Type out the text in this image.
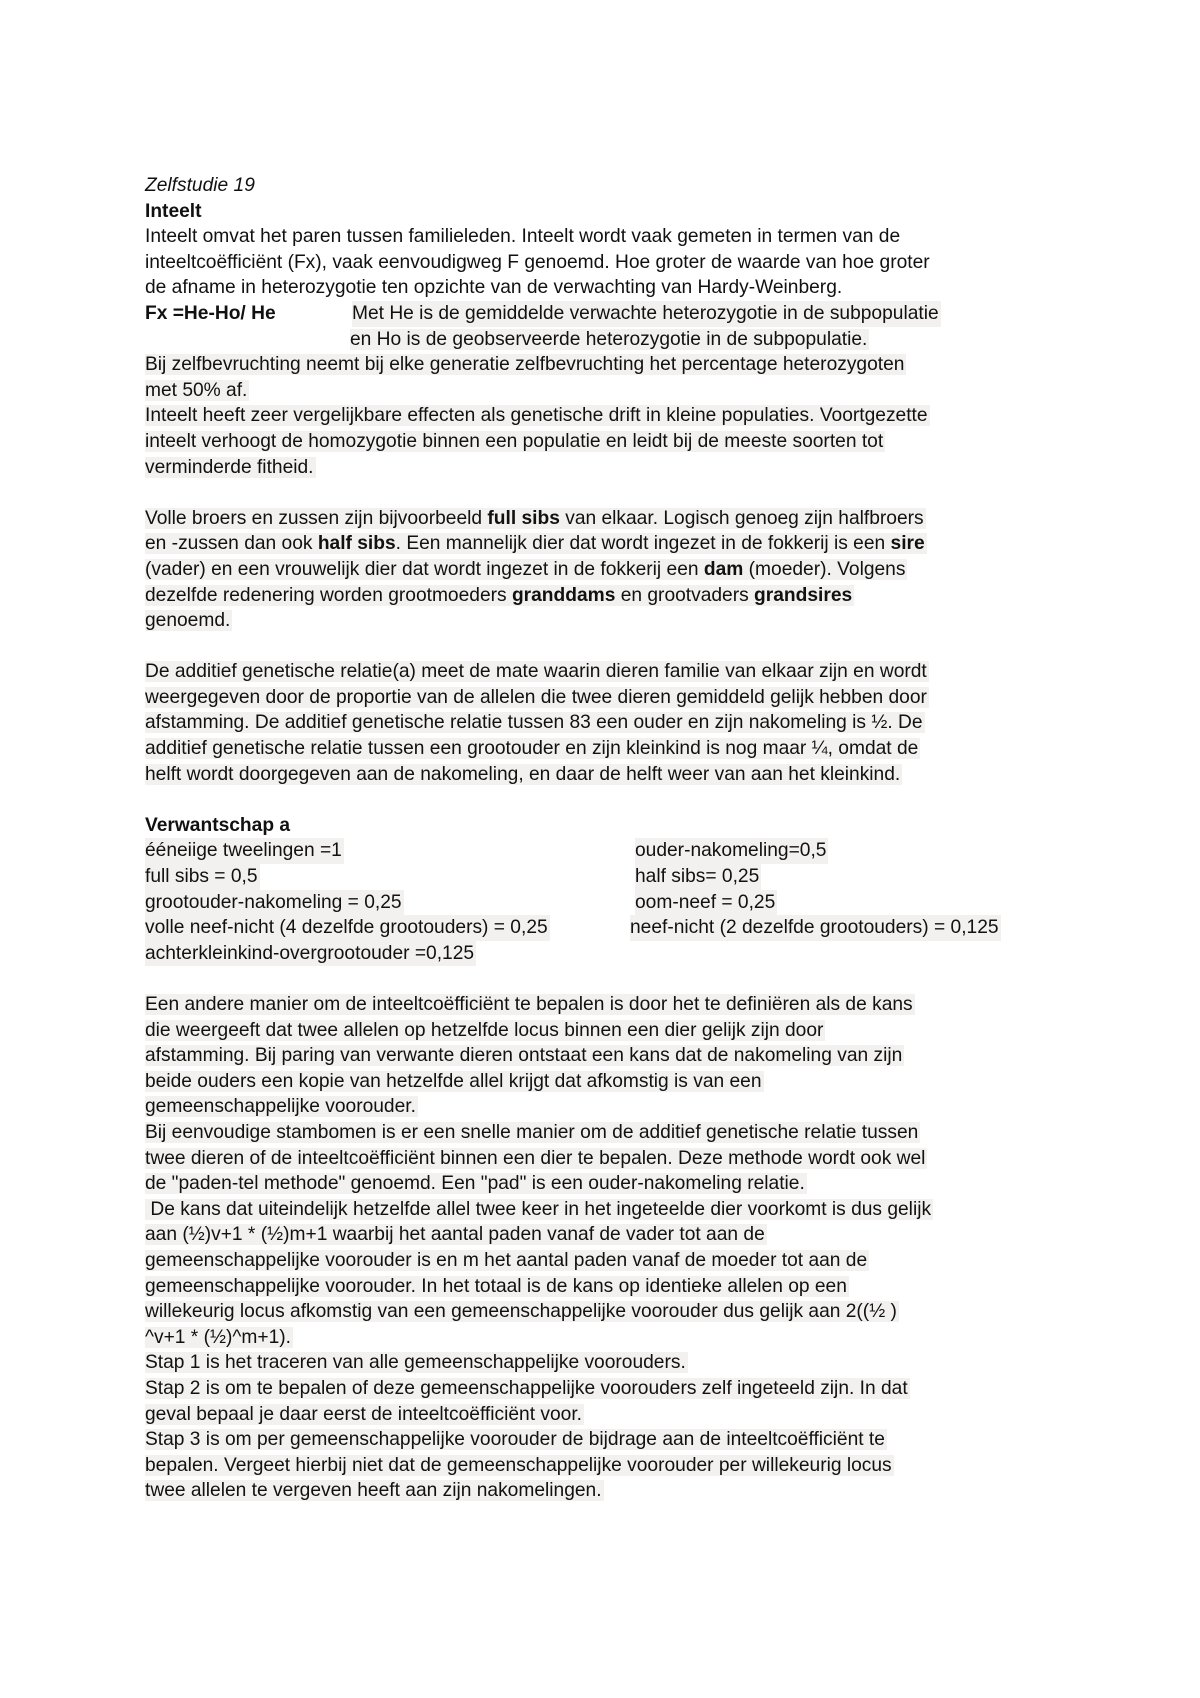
Zelfstudie 19
Inteelt
Inteelt omvat het paren tussen familieleden. Inteelt wordt vaak gemeten in termen van de
inteeltcoëfficiënt (Fx), vaak eenvoudigweg F genoemd. Hoe groter de waarde van hoe groter
de afname in heterozygotie ten opzichte van de verwachting van Hardy-Weinberg.
Fx =He-Ho/ He	Met He is de gemiddelde verwachte heterozygotie in de subpopulatie
en Ho is de geobserveerde heterozygotie in de subpopulatie.
Bij zelfbevruchting neemt bij elke generatie zelfbevruchting het percentage heterozygoten
met 50% af.
Inteelt heeft zeer vergelijkbare effecten als genetische drift in kleine populaties. Voortgezette
inteelt verhoogt de homozygotie binnen een populatie en leidt bij de meeste soorten tot
verminderde fitheid.
Volle broers en zussen zijn bijvoorbeeld full sibs van elkaar. Logisch genoeg zijn halfbroers
en -zussen dan ook half sibs. Een mannelijk dier dat wordt ingezet in de fokkerij is een sire
(vader) en een vrouwelijk dier dat wordt ingezet in de fokkerij een dam (moeder). Volgens
dezelfde redenering worden grootmoeders granddams en grootvaders grandsires
genoemd.
De additief genetische relatie(a) meet de mate waarin dieren familie van elkaar zijn en wordt
weergegeven door de proportie van de allelen die twee dieren gemiddeld gelijk hebben door
afstamming. De additief genetische relatie tussen 83 een ouder en zijn nakomeling is ½. De
additief genetische relatie tussen een grootouder en zijn kleinkind is nog maar ¼, omdat de
helft wordt doorgegeven aan de nakomeling, en daar de helft weer van aan het kleinkind.
Verwantschap a
ééneiige tweelingen =1	ouder-nakomeling=0,5
full sibs = 0,5	half sibs= 0,25
grootouder-nakomeling = 0,25	oom-neef = 0,25
volle neef-nicht (4 dezelfde grootouders) = 0,25	neef-nicht (2 dezelfde grootouders) = 0,125
achterkleinkind-overgrootouder =0,125
Een andere manier om de inteeltcoëfficiënt te bepalen is door het te definiëren als de kans
die weergeeft dat twee allelen op hetzelfde locus binnen een dier gelijk zijn door
afstamming. Bij paring van verwante dieren ontstaat een kans dat de nakomeling van zijn
beide ouders een kopie van hetzelfde allel krijgt dat afkomstig is van een
gemeenschappelijke voorouder.
Bij eenvoudige stambomen is er een snelle manier om de additief genetische relatie tussen
twee dieren of de inteeltcoëfficiënt binnen een dier te bepalen. Deze methode wordt ook wel
de "paden-tel methode" genoemd. Een "pad" is een ouder-nakomeling relatie.
De kans dat uiteindelijk hetzelfde allel twee keer in het ingeteelde dier voorkomt is dus gelijk
aan (½)v+1 * (½)m+1 waarbij het aantal paden vanaf de vader tot aan de
gemeenschappelijke voorouder is en m het aantal paden vanaf de moeder tot aan de
gemeenschappelijke voorouder. In het totaal is de kans op identieke allelen op een
willekeurig locus afkomstig van een gemeenschappelijke voorouder dus gelijk aan 2((½ )
^v+1 * (½)^m+1).
Stap 1 is het traceren van alle gemeenschappelijke voorouders.
Stap 2 is om te bepalen of deze gemeenschappelijke voorouders zelf ingeteeld zijn. In dat
geval bepaal je daar eerst de inteeltcoëfficiënt voor.
Stap 3 is om per gemeenschappelijke voorouder de bijdrage aan de inteeltcoëfficiënt te
bepalen. Vergeet hierbij niet dat de gemeenschappelijke voorouder per willekeurig locus
twee allelen te vergeven heeft aan zijn nakomelingen.
